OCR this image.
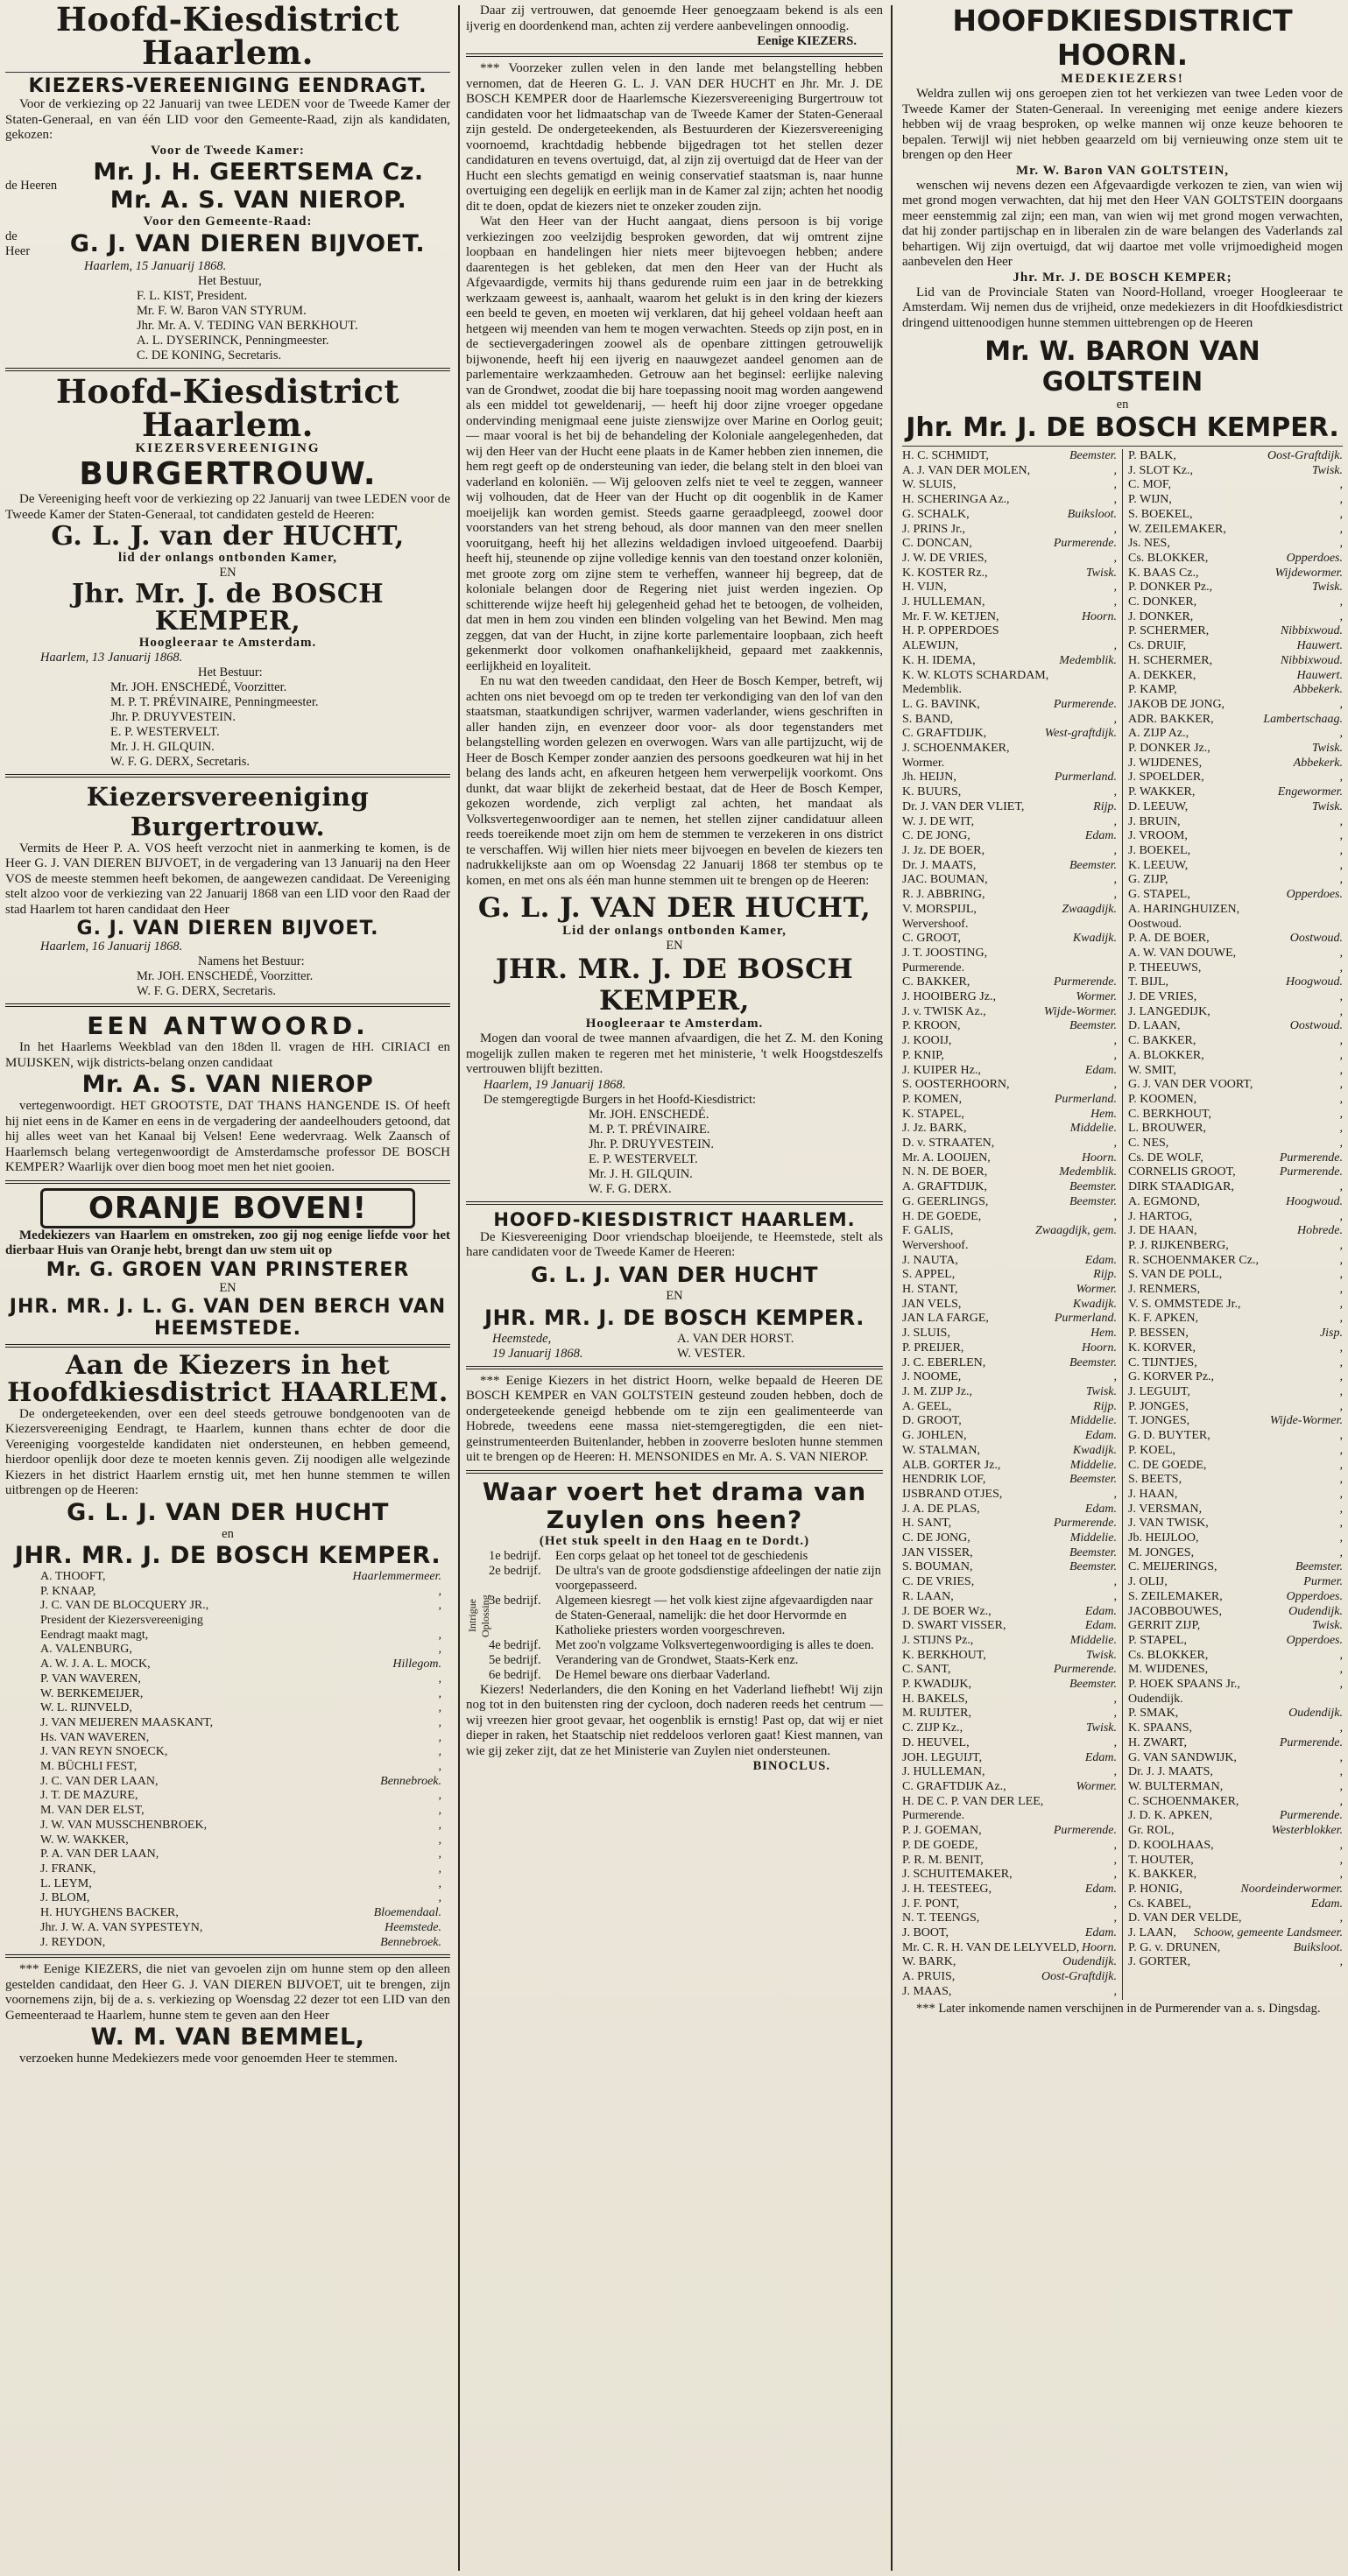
Hoofd-Kiesdistrict Haarlem.
KIEZERS-VEREENIGING EENDRAGT.
Voor de verkiezing op 22 Januarij van twee LEDEN voor de Tweede Kamer der Staten-Generaal, en van één LID voor den Gemeente-Raad, zijn als kandidaten, gekozen:
Voor de Tweede Kamer:
de Heeren
Mr. J. H. GEERTSEMA Cz.
Mr. A. S. VAN NIEROP.
Voor den Gemeente-Raad:
de Heer	G. J. VAN DIEREN BIJVOET.
Haarlem, 15 Januarij 1868.
Het Bestuur,
F. L. KIST, President.
Mr. F. W. Baron VAN STYRUM.
Jhr. Mr. A. V. TEDING VAN BERKHOUT.
A. L. DYSERINCK, Penningmeester.
C. DE KONING, Secretaris.
Hoofd-Kiesdistrict Haarlem.
KIEZERSVEREENIGING
BURGERTROUW.
De Vereeniging heeft voor de verkiezing op 22 Januarij van twee LEDEN voor de Tweede Kamer der Staten-Generaal, tot candidaten gesteld de Heeren:
G. L. J. van der HUCHT,
lid der onlangs ontbonden Kamer,
EN
Jhr. Mr. J. de BOSCH KEMPER,
Hoogleeraar te Amsterdam.
Haarlem, 13 Januarij 1868.
Het Bestuur:
Mr. JOH. ENSCHEDÉ, Voorzitter.
M. P. T. PRÉVINAIRE, Penningmeester.
Jhr. P. DRUYVESTEIN.
E. P. WESTERVELT.
Mr. J. H. GILQUIN.
W. F. G. DERX, Secretaris.
Kiezersvereeniging Burgertrouw.
Vermits de Heer P. A. VOS heeft verzocht niet in aanmerking te komen, is de Heer G. J. VAN DIEREN BIJVOET, in de vergadering van 13 Januarij na den Heer VOS de meeste stemmen heeft bekomen, de aangewezen candidaat. De Vereeniging stelt alzoo voor de verkiezing van 22 Januarij 1868 van een LID voor den Raad der stad Haarlem tot haren candidaat den Heer
G. J. VAN DIEREN BIJVOET.
Haarlem, 16 Januarij 1868.
Namens het Bestuur:
Mr. JOH. ENSCHEDÉ, Voorzitter.
W. F. G. DERX, Secretaris.
EEN ANTWOORD.
In het Haarlems Weekblad van den 18den ll. vragen de HH. CIRIACI en MUIJSKEN, wijk districts-belang onzen candidaat
Mr. A. S. VAN NIEROP
vertegenwoordigt. HET GROOTSTE, DAT THANS HANGENDE IS. Of heeft hij niet eens in de Kamer en eens in de vergadering der aandeelhouders getoond, dat hij alles weet van het Kanaal bij Velsen! Eene wedervraag. Welk Zaansch of Haarlemsch belang vertegenwoordigt de Amsterdamsche professor DE BOSCH KEMPER? Waarlijk over dien boog moet men het niet gooien.
ORANJE BOVEN!
Medekiezers van Haarlem en omstreken, zoo gij nog eenige liefde voor het dierbaar Huis van Oranje hebt, brengt dan uw stem uit op
Mr. G. GROEN VAN PRINSTERER
EN
JHR. MR. J. L. G. VAN DEN BERCH VAN HEEMSTEDE.
Aan de Kiezers in het Hoofdkiesdistrict HAARLEM.
De ondergeteekenden, over een deel steeds getrouwe bondgenooten van de Kiezersvereeniging Eendragt, te Haarlem, kunnen thans echter de door die Vereeniging voorgestelde kandidaten niet ondersteunen, en hebben gemeend, hierdoor openlijk door deze te moeten kennis geven. Zij noodigen alle welgezinde Kiezers in het district Haarlem ernstig uit, met hen hunne stemmen te willen uitbrengen op de Heeren:
G. L. J. VAN DER HUCHT
en
JHR. MR. J. DE BOSCH KEMPER.
A. THOOFT,	Haarlemmermeer.
P. KNAAP,	,
J. C. VAN DE BLOCQUERY JR.,	,
President der Kiezersvereeniging
Eendragt maakt magt,	,
A. VALENBURG,	,
A. W. J. A. L. MOCK,	Hillegom.
P. VAN WAVEREN,	,
W. BERKEMEIJER,	,
W. L. RIJNVELD,	,
J. VAN MEIJEREN MAASKANT,	,
Hs. VAN WAVEREN,	,
J. VAN REYN SNOECK,	,
M. BÜCHLI FEST,	,
J. C. VAN DER LAAN,	Bennebroek.
J. T. DE MAZURE,	,
M. VAN DER ELST,	,
J. W. VAN MUSSCHENBROEK,	,
W. W. WAKKER,	,
P. A. VAN DER LAAN,	,
J. FRANK,	,
L. LEYM,	,
J. BLOM,	,
H. HUYGHENS BACKER,	Bloemendaal.
Jhr. J. W. A. VAN SYPESTEYN,	Heemstede.
J. REYDON,	Bennebroek.
*** Eenige KIEZERS, die niet van gevoelen zijn om hunne stem op den alleen gestelden candidaat, den Heer G. J. VAN DIEREN BIJVOET, uit te brengen, zijn voornemens zijn, bij de a. s. verkiezing op Woensdag 22 dezer tot een LID van den Gemeenteraad te Haarlem, hunne stem te geven aan den Heer
W. M. VAN BEMMEL,
verzoeken hunne Medekiezers mede voor genoemden Heer te stemmen.
Daar zij vertrouwen, dat genoemde Heer genoegzaam bekend is als een ijverig en doordenkend man, achten zij verdere aanbevelingen onnoodig.
Eenige KIEZERS.
*** Voorzeker zullen velen in den lande met belangstelling hebben vernomen, dat de Heeren G. L. J. VAN DER HUCHT en Jhr. Mr. J. DE BOSCH KEMPER door de Haarlemsche Kiezersvereeniging Burgertrouw tot candidaten voor het lidmaatschap van de Tweede Kamer der Staten-Generaal zijn gesteld. De ondergeteekenden, als Bestuurderen der Kiezersvereeniging voornoemd, krachtdadig hebbende bijgedragen tot het stellen dezer candidaturen en tevens overtuigd, dat, al zijn zij overtuigd dat de Heer van der Hucht een slechts gematigd en weinig conservatief staatsman is, naar hunne overtuiging een degelijk en eerlijk man in de Kamer zal zijn; achten het noodig dit te doen, opdat de kiezers niet te onzeker zouden zijn.
Wat den Heer van der Hucht aangaat, diens persoon is bij vorige verkiezingen zoo veelzijdig besproken geworden, dat wij omtrent zijne loopbaan en handelingen hier niets meer bijtevoegen hebben; andere daarentegen is het gebleken, dat men den Heer van der Hucht als Afgevaardigde, vermits hij thans gedurende ruim een jaar in de betrekking werkzaam geweest is, aanhaalt, waarom het gelukt is in den kring der kiezers een beeld te geven, en moeten wij verklaren, dat hij geheel voldaan heeft aan hetgeen wij meenden van hem te mogen verwachten. Steeds op zijn post, en in de sectievergaderingen zoowel als de openbare zittingen getrouwelijk bijwonende, heeft hij een ijverig en naauwgezet aandeel genomen aan de parlementaire werkzaamheden. Getrouw aan het beginsel: eerlijke naleving van de Grondwet, zoodat die bij hare toepassing nooit mag worden aangewend als een middel tot geweldenarij, — heeft hij door zijne vroeger opgedane ondervinding menigmaal eene juiste zienswijze over Marine en Oorlog geuit; — maar vooral is het bij de behandeling der Koloniale aangelegenheden, dat wij den Heer van der Hucht eene plaats in de Kamer hebben zien innemen, die hem regt geeft op de ondersteuning van ieder, die belang stelt in den bloei van vaderland en koloniën. — Wij gelooven zelfs niet te veel te zeggen, wanneer wij volhouden, dat de Heer van der Hucht op dit oogenblik in de Kamer moeijelijk kan worden gemist. Steeds gaarne geraadpleegd, zoowel door voorstanders van het streng behoud, als door mannen van den meer snellen vooruitgang, heeft hij het allezins weldadigen invloed uitgeoefend. Daarbij heeft hij, steunende op zijne volledige kennis van den toestand onzer koloniën, met groote zorg om zijne stem te verheffen, wanneer hij begreep, dat de koloniale belangen door de Regering niet juist werden ingezien. Op schitterende wijze heeft hij gelegenheid gehad het te betoogen, de volheiden, dat men in hem zou vinden een blinden volgeling van het Bewind. Men mag zeggen, dat van der Hucht, in zijne korte parlementaire loopbaan, zich heeft gekenmerkt door volkomen onafhankelijkheid, gepaard met zaakkennis, eerlijkheid en loyaliteit.
En nu wat den tweeden candidaat, den Heer de Bosch Kemper, betreft, wij achten ons niet bevoegd om op te treden ter verkondiging van den lof van den staatsman, staatkundigen schrijver, warmen vaderlander, wiens geschriften in aller handen zijn, en evenzeer door voor- als door tegenstanders met belangstelling worden gelezen en overwogen. Wars van alle partijzucht, wij de Heer de Bosch Kemper zonder aanzien des persoons goedkeuren wat hij in het belang des lands acht, en afkeuren hetgeen hem verwerpelijk voorkomt. Ons dunkt, dat waar blijkt de zekerheid bestaat, dat de Heer de Bosch Kemper, gekozen wordende, zich verpligt zal achten, het mandaat als Volksvertegenwoordiger aan te nemen, het stellen zijner candidatuur alleen reeds toereikende moet zijn om hem de stemmen te verzekeren in ons district te verschaffen. Wij willen hier niets meer bijvoegen en bevelen de kiezers ten nadrukkelijkste aan om op Woensdag 22 Januarij 1868 ter stembus op te komen, en met ons als één man hunne stemmen uit te brengen op de Heeren:
G. L. J. VAN DER HUCHT,
Lid der onlangs ontbonden Kamer,
EN
JHR. MR. J. DE BOSCH KEMPER,
Hoogleeraar te Amsterdam.
Mogen dan vooral de twee mannen afvaardigen, die het Z. M. den Koning mogelijk zullen maken te regeren met het ministerie, 't welk Hoogstdeszelfs vertrouwen blijft bezitten.
Haarlem, 19 Januarij 1868.
De stemgeregtigde Burgers in het Hoofd-Kiesdistrict:
Mr. JOH. ENSCHEDÉ.
M. P. T. PRÉVINAIRE.
Jhr. P. DRUYVESTEIN.
E. P. WESTERVELT.
Mr. J. H. GILQUIN.
W. F. G. DERX.
HOOFD-KIESDISTRICT HAARLEM.
De Kiesvereeniging Door vriendschap bloeijende, te Heemstede, stelt als hare candidaten voor de Tweede Kamer de Heeren:
G. L. J. VAN DER HUCHT
EN
JHR. MR. J. DE BOSCH KEMPER.
Heemstede,
19 Januarij 1868.
A. VAN DER HORST.
W. VESTER.
*** Eenige Kiezers in het district Hoorn, welke bepaald de Heeren DE BOSCH KEMPER en VAN GOLTSTEIN gesteund zouden hebben, doch de ondergeteekende geneigd hebbende om te zijn een gealimenteerde van Hobrede, tweedens eene massa niet-stemgeregtigden, die een niet-geinstrumenteerden Buitenlander, hebben in zooverre besloten hunne stemmen uit te brengen op de Heeren: H. MENSONIDES en Mr. A. S. VAN NIEROP.
Waar voert het drama van Zuylen ons heen?
(Het stuk speelt in den Haag en te Dordt.)
Intrigue Oplossing
1e bedrijf.	Een corps gelaat op het toneel tot de geschiedenis
2e bedrijf.	De ultra's van de groote godsdienstige afdeelingen der natie zijn voorgepasseerd.
3e bedrijf.	Algemeen kiesregt — het volk kiest zijne afgevaardigden naar de Staten-Generaal, namelijk: die het door Hervormde en Katholieke priesters worden voorgeschreven.
4e bedrijf.	Met zoo'n volgzame Volksvertegenwoordiging is alles te doen.
5e bedrijf.	Verandering van de Grondwet, Staats-Kerk enz.
6e bedrijf.	De Hemel beware ons dierbaar Vaderland.
Kiezers! Nederlanders, die den Koning en het Vaderland liefhebt! Wij zijn nog tot in den buitensten ring der cycloon, doch naderen reeds het centrum — wij vreezen hier groot gevaar, het oogenblik is ernstig! Past op, dat wij er niet dieper in raken, het Staatschip niet reddeloos verloren gaat! Kiest mannen, van wie gij zeker zijt, dat ze het Ministerie van Zuylen niet ondersteunen.
BINOCLUS.
HOOFDKIESDISTRICT HOORN.
MEDEKIEZERS!
Weldra zullen wij ons geroepen zien tot het verkiezen van twee Leden voor de Tweede Kamer der Staten-Generaal. In vereeniging met eenige andere kiezers hebben wij de vraag besproken, op welke mannen wij onze keuze behooren te bepalen. Terwijl wij niet hebben geaarzeld om bij vernieuwing onze stem uit te brengen op den Heer
Mr. W. Baron VAN GOLTSTEIN,
wenschen wij nevens dezen een Afgevaardigde verkozen te zien, van wien wij met grond mogen verwachten, dat hij met den Heer VAN GOLTSTEIN doorgaans meer eenstemmig zal zijn; een man, van wien wij met grond mogen verwachten, dat hij zonder partijschap en in liberalen zin de ware belangen des Vaderlands zal behartigen. Wij zijn overtuigd, dat wij daartoe met volle vrijmoedigheid mogen aanbevelen den Heer
Jhr. Mr. J. DE BOSCH KEMPER;
Lid van de Provinciale Staten van Noord-Holland, vroeger Hoogleeraar te Amsterdam. Wij nemen dus de vrijheid, onze medekiezers in dit Hoofdkiesdistrict dringend uittenoodigen hunne stemmen uittebrengen op de Heeren
Mr. W. BARON VAN GOLTSTEIN
en
Jhr. Mr. J. DE BOSCH KEMPER.
H. C. SCHMIDT,	Beemster.
A. J. VAN DER MOLEN,	,
W. SLUIS,	,
H. SCHERINGA Az.,	,
G. SCHALK,	Buiksloot.
J. PRINS Jr.,	,
C. DONCAN,	Purmerende.
J. W. DE VRIES,	,
K. KOSTER Rz.,	Twisk.
H. VIJN,	,
J. HULLEMAN,	,
Mr. F. W. KETJEN,	Hoorn.
H. P. OPPERDOES
ALEWIJN,	,
K. H. IDEMA,	Medemblik.
K. W. KLOTS SCHARDAM,
Medemblik.
L. G. BAVINK,	Purmerende.
S. BAND,	,
C. GRAFTDIJK,	West-graftdijk.
J. SCHOENMAKER,
Wormer.
Jh. HEIJN,	Purmerland.
K. BUURS,	,
Dr. J. VAN DER VLIET,	Rijp.
W. J. DE WIT,	,
C. DE JONG,	Edam.
J. Jz. DE BOER,	,
Dr. J. MAATS,	Beemster.
JAC. BOUMAN,	,
R. J. ABBRING,	,
V. MORSPIJL,	Zwaagdijk.
Wervershoof.
C. GROOT,	Kwadijk.
J. T. JOOSTING,
Purmerende.
C. BAKKER,	Purmerende.
J. HOOIBERG Jz.,	Wormer.
J. v. TWISK Az.,	Wijde-Wormer.
P. KROON,	Beemster.
J. KOOIJ,	,
P. KNIP,	,
J. KUIPER Hz.,	Edam.
S. OOSTERHOORN,	,
P. KOMEN,	Purmerland.
K. STAPEL,	Hem.
J. Jz. BARK,	Middelie.
D. v. STRAATEN,	,
Mr. A. LOOIJEN,	Hoorn.
N. N. DE BOER,	Medemblik.
A. GRAFTDIJK,	Beemster.
G. GEERLINGS,	Beemster.
H. DE GOEDE,	,
F. GALIS,	Zwaagdijk, gem.
Wervershoof.
J. NAUTA,	Edam.
S. APPEL,	Rijp.
H. STANT,	Wormer.
JAN VELS,	Kwadijk.
JAN LA FARGE,	Purmerland.
J. SLUIS,	Hem.
P. PREIJER,	Hoorn.
J. C. EBERLEN,	Beemster.
J. NOOME,	,
J. M. ZIJP Jz.,	Twisk.
A. GEEL,	Rijp.
D. GROOT,	Middelie.
G. JOHLEN,	Edam.
W. STALMAN,	Kwadijk.
ALB. GORTER Jz.,	Middelie.
HENDRIK LOF,	Beemster.
IJSBRAND OTJES,	,
J. A. DE PLAS,	Edam.
H. SANT,	Purmerende.
C. DE JONG,	Middelie.
JAN VISSER,	Beemster.
S. BOUMAN,	Beemster.
C. DE VRIES,	,
R. LAAN,	,
J. DE BOER Wz.,	Edam.
D. SWART VISSER,	Edam.
J. STIJNS Pz.,	Middelie.
K. BERKHOUT,	Twisk.
C. SANT,	Purmerende.
P. KWADIJK,	Beemster.
H. BAKELS,	,
M. RUIJTER,	,
C. ZIJP Kz.,	Twisk.
D. HEUVEL,	,
JOH. LEGUIJT,	Edam.
J. HULLEMAN,	,
C. GRAFTDIJK Az.,	Wormer.
H. DE C. P. VAN DER LEE,
Purmerende.
P. J. GOEMAN,	Purmerende.
P. DE GOEDE,	,
P. R. M. BENIT,	,
J. SCHUITEMAKER,	,
J. H. TEESTEEG,	Edam.
J. F. PONT,	,
N. T. TEENGS,	,
J. BOOT,	Edam.
Mr. C. R. H. VAN DE LELYVELD, Hoorn.
W. BARK,	Oudendijk.
A. PRUIS,	Oost-Graftdijk.
J. MAAS,	,
P. BALK,	Oost-Graftdijk.
J. SLOT Kz.,	Twisk.
C. MOF,	,
P. WIJN,	,
S. BOEKEL,	,
W. ZEILEMAKER,	,
Js. NES,	,
Cs. BLOKKER,	Opperdoes.
K. BAAS Cz.,	Wijdewormer.
P. DONKER Pz.,	Twisk.
C. DONKER,	,
J. DONKER,	,
P. SCHERMER,	Nibbixwoud.
Cs. DRUIF,	Hauwert.
H. SCHERMER,	Nibbixwoud.
A. DEKKER,	Hauwert.
P. KAMP,	Abbekerk.
JAKOB DE JONG,	,
ADR. BAKKER,	Lambertschaag.
A. ZIJP Az.,	,
P. DONKER Jz.,	Twisk.
J. WIJDENES,	Abbekerk.
J. SPOELDER,	,
P. WAKKER,	Engewormer.
D. LEEUW,	Twisk.
J. BRUIN,	,
J. VROOM,	,
J. BOEKEL,	,
K. LEEUW,	,
G. ZIJP,	,
G. STAPEL,	Opperdoes.
A. HARINGHUIZEN,
Oostwoud.
P. A. DE BOER,	Oostwoud.
A. W. VAN DOUWE,	,
P. THEEUWS,	,
T. BIJL,	Hoogwoud.
J. DE VRIES,	,
J. LANGEDIJK,	,
D. LAAN,	Oostwoud.
C. BAKKER,	,
A. BLOKKER,	,
W. SMIT,	,
G. J. VAN DER VOORT,	,
P. KOOMEN,	,
C. BERKHOUT,	,
L. BROUWER,	,
C. NES,	,
Cs. DE WOLF,	Purmerende.
CORNELIS GROOT,	Purmerende.
DIRK STAADIGAR,	,
A. EGMOND,	Hoogwoud.
J. HARTOG,	,
J. DE HAAN,	Hobrede.
P. J. RIJKENBERG,	,
R. SCHOENMAKER Cz.,	,
S. VAN DE POLL,	,
J. RENMERS,	,
V. S. OMMSTEDE Jr.,	,
K. F. APKEN,	,
P. BESSEN,	Jisp.
K. KORVER,	,
C. TIJNTJES,	,
G. KORVER Pz.,	,
J. LEGUIJT,	,
P. JONGES,	,
T. JONGES,	Wijde-Wormer.
G. D. BUYTER,	,
P. KOEL,	,
C. DE GOEDE,	,
S. BEETS,	,
J. HAAN,	,
J. VERSMAN,	,
J. VAN TWISK,	,
Jb. HEIJLOO,	,
M. JONGES,	,
C. MEIJERINGS,	Beemster.
J. OLIJ,	Purmer.
S. ZEILEMAKER,	Opperdoes.
JACOBBOUWES,	Oudendijk.
GERRIT ZIJP,	Twisk.
P. STAPEL,	Opperdoes.
Cs. BLOKKER,	,
M. WIJDENES,	,
P. HOEK SPAANS Jr.,	,
Oudendijk.
P. SMAK,	Oudendijk.
K. SPAANS,	,
H. ZWART,	Purmerende.
G. VAN SANDWIJK,	,
Dr. J. J. MAATS,	,
W. BULTERMAN,	,
C. SCHOENMAKER,	,
J. D. K. APKEN,	Purmerende.
Gr. ROL,	Westerblokker.
D. KOOLHAAS,	,
T. HOUTER,	,
K. BAKKER,	,
P. HONIG,	Noordeinderwormer.
Cs. KABEL,	Edam.
D. VAN DER VELDE,	,
J. LAAN, Schoow, gemeente Landsmeer.
P. G. v. DRUNEN,	Buiksloot.
J. GORTER,	,
*** Later inkomende namen verschijnen in de Purmerender van a. s. Dingsdag.
